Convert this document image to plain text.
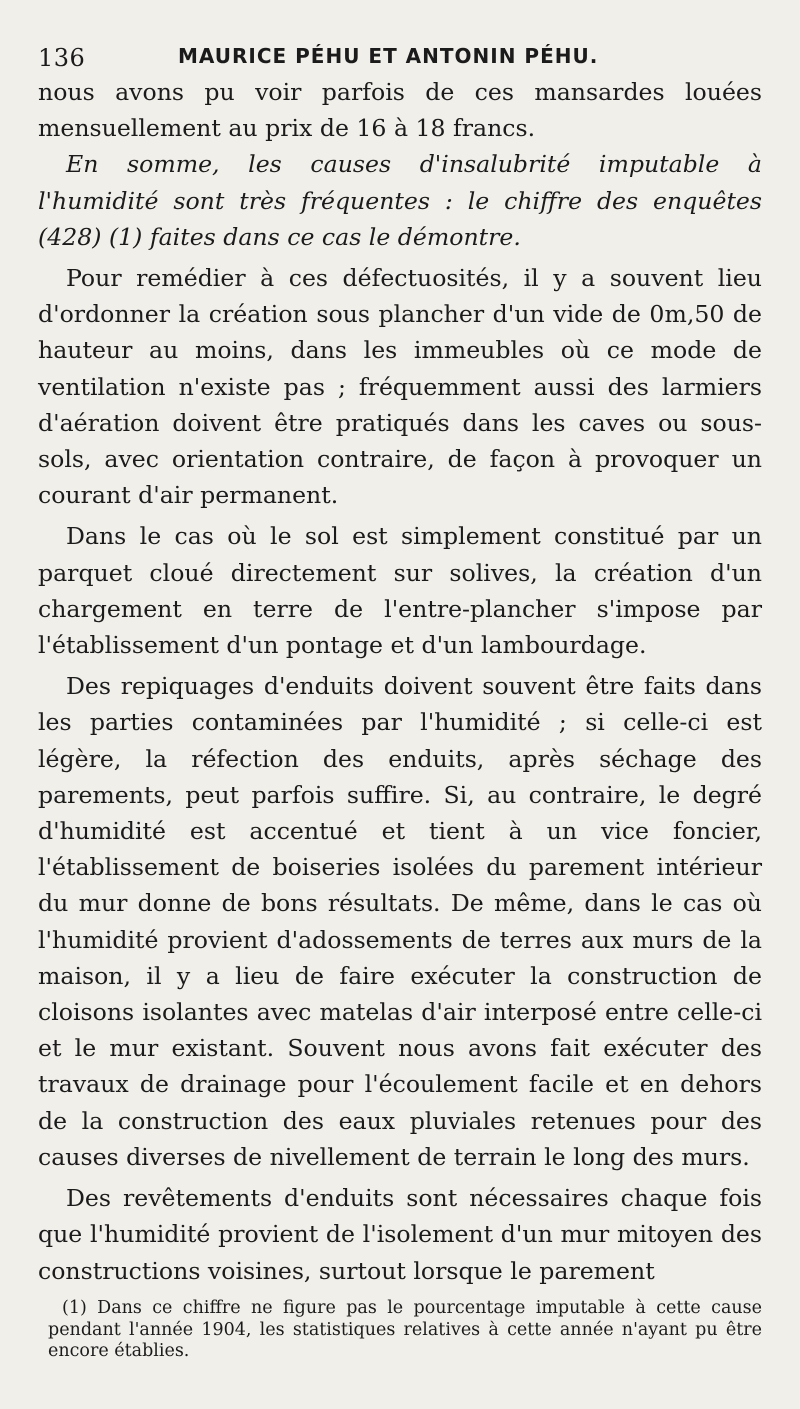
136	MAURICE PÉHU ET ANTONIN PÉHU.

nous avons pu voir parfois de ces mansardes louées mensuellement au prix de 16 à 18 francs.

En somme, les causes d'insalubrité imputable à l'humidité sont très fréquentes : le chiffre des enquêtes (428) (1) faites dans ce cas le démontre.

Pour remédier à ces défectuosités, il y a souvent lieu d'ordonner la création sous plancher d'un vide de 0m,50 de hauteur au moins, dans les immeubles où ce mode de ventilation n'existe pas ; fréquemment aussi des larmiers d'aération doivent être pratiqués dans les caves ou sous-sols, avec orientation contraire, de façon à provoquer un courant d'air permanent.

Dans le cas où le sol est simplement constitué par un parquet cloué directement sur solives, la création d'un chargement en terre de l'entre-plancher s'impose par l'établissement d'un pontage et d'un lambourdage.

Des repiquages d'enduits doivent souvent être faits dans les parties contaminées par l'humidité ; si celle-ci est légère, la réfection des enduits, après séchage des parements, peut parfois suffire. Si, au contraire, le degré d'humidité est accentué et tient à un vice foncier, l'établissement de boiseries isolées du parement intérieur du mur donne de bons résultats. De même, dans le cas où l'humidité provient d'adossements de terres aux murs de la maison, il y a lieu de faire exécuter la construction de cloisons isolantes avec matelas d'air interposé entre celle-ci et le mur existant. Souvent nous avons fait exécuter des travaux de drainage pour l'écoulement facile et en dehors de la construction des eaux pluviales retenues pour des causes diverses de nivellement de terrain le long des murs.

Des revêtements d'enduits sont nécessaires chaque fois que l'humidité provient de l'isolement d'un mur mitoyen des constructions voisines, surtout lorsque le parement

(1) Dans ce chiffre ne figure pas le pourcentage imputable à cette cause pendant l'année 1904, les statistiques relatives à cette année n'ayant pu être encore établies.
